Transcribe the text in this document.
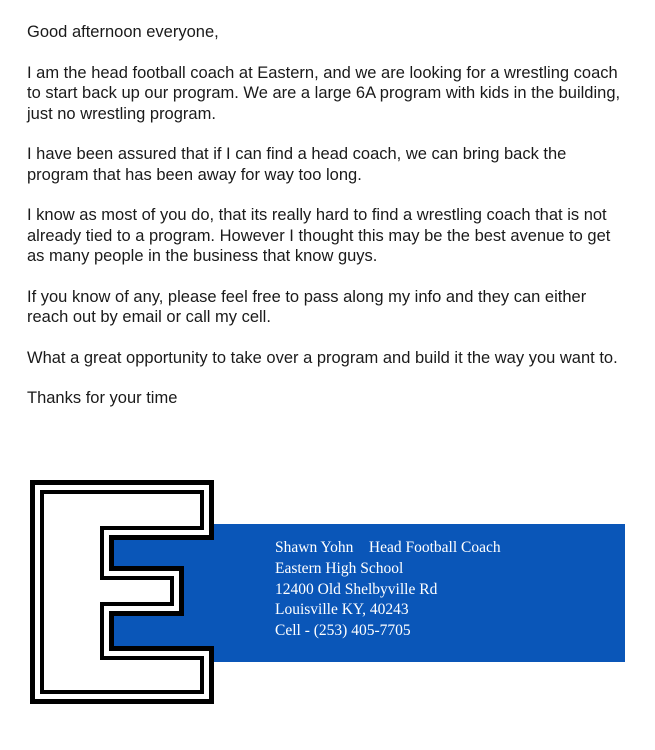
Good afternoon everyone,

I am the head football coach at Eastern, and we are looking for a wrestling coach to start back up our program. We are a large 6A program with kids in the building, just no wrestling program.

I have been assured that if I can find a head coach, we can bring back the program that has been away for way too long.

I know as most of you do, that its really hard to find a wrestling coach that is not already tied to a program. However I thought this may be the best avenue to get as many people in the business that know guys.

If you know of any, please feel free to pass along my info and they can either reach out by email or call my cell.

What a great opportunity to take over a program and build it the way you want to.

Thanks for your time

Shawn Yohn    Head Football Coach
Eastern High School
12400 Old Shelbyville Rd
Louisville KY, 40243
Cell - (253) 405-7705
